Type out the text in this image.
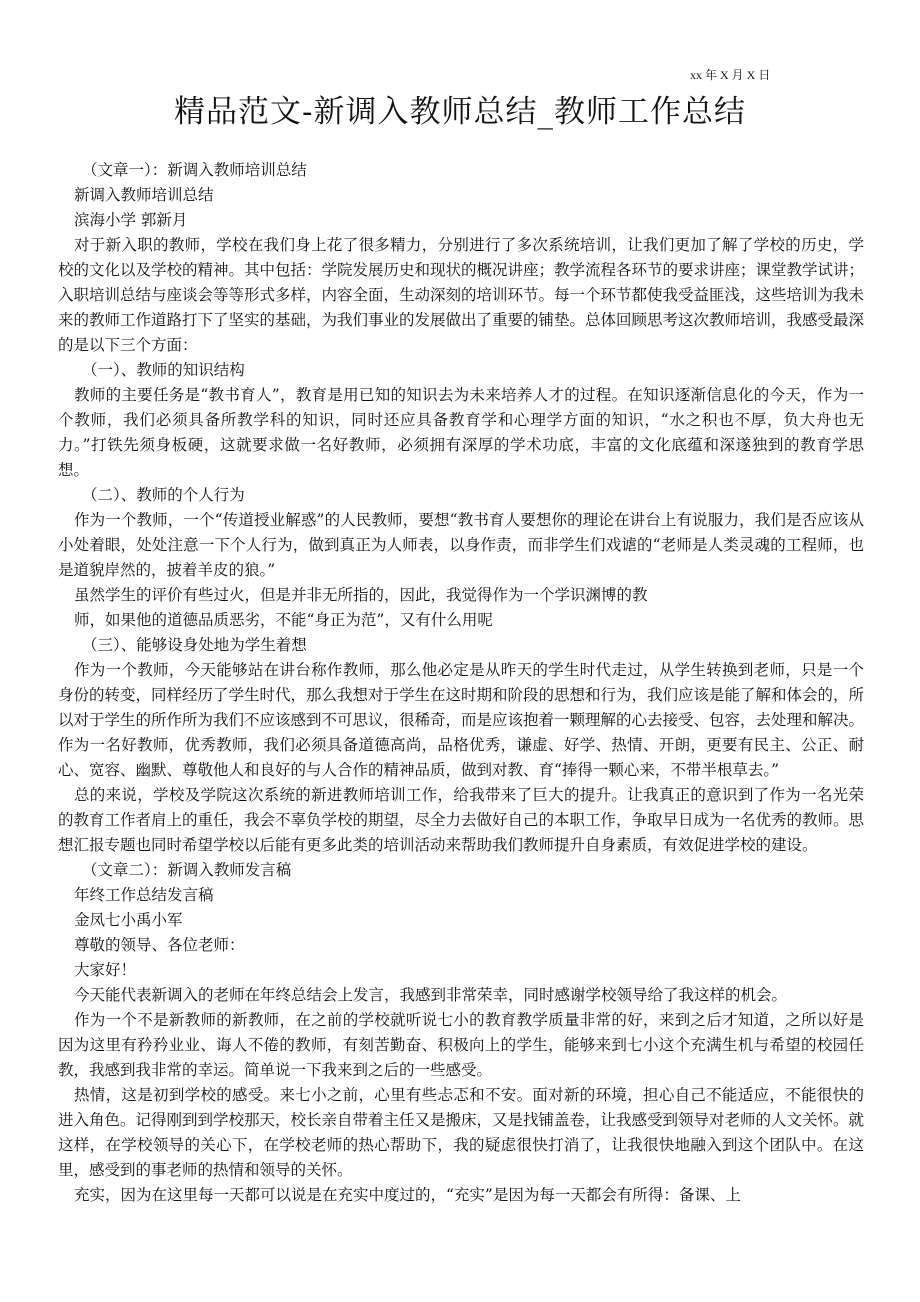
xx 年 X 月 X 日
精品范文-新调入教师总结_教师工作总结

（文章一）：新调入教师培训总结

新调入教师培训总结

滨海小学 郭新月

对于新入职的教师，学校在我们身上花了很多精力，分别进行了多次系统培训，让我们更加了解了学校的历史，学校的文化以及学校的精神。其中包括：学院发展历史和现状的概况讲座；教学流程各环节的要求讲座；课堂教学试讲；入职培训总结与座谈会等等形式多样，内容全面，生动深刻的培训环节。每一个环节都使我受益匪浅，这些培训为我未来的教师工作道路打下了坚实的基础，为我们事业的发展做出了重要的铺垫。总体回顾思考这次教师培训，我感受最深的是以下三个方面：

（一）、教师的知识结构

教师的主要任务是“教书育人”，教育是用已知的知识去为未来培养人才的过程。在知识逐渐信息化的今天，作为一个教师，我们必须具备所教学科的知识，同时还应具备教育学和心理学方面的知识，“水之积也不厚，负大舟也无力。”打铁先须身板硬，这就要求做一名好教师，必须拥有深厚的学术功底，丰富的文化底蕴和深遂独到的教育学思想。

（二）、教师的个人行为

作为一个教师，一个“传道授业解惑”的人民教师，要想“教书育人要想你的理论在讲台上有说服力，我们是否应该从小处着眼，处处注意一下个人行为，做到真正为人师表，以身作责，而非学生们戏谑的“老师是人类灵魂的工程师，也是道貌岸然的，披着羊皮的狼。”

虽然学生的评价有些过火，但是并非无所指的，因此，我觉得作为一个学识渊博的教

师，如果他的道德品质恶劣，不能“身正为范”，又有什么用呢

（三）、能够设身处地为学生着想

作为一个教师，今天能够站在讲台称作教师，那么他必定是从昨天的学生时代走过，从学生转换到老师，只是一个身份的转变，同样经历了学生时代，那么我想对于学生在这时期和阶段的思想和行为，我们应该是能了解和体会的，所以对于学生的所作所为我们不应该感到不可思议，很稀奇，而是应该抱着一颗理解的心去接受、包容，去处理和解决。作为一名好教师，优秀教师，我们必须具备道德高尚，品格优秀，谦虚、好学、热情、开朗，更要有民主、公正、耐心、宽容、幽默、尊敬他人和良好的与人合作的精神品质，做到对教、育“捧得一颗心来，不带半根草去。”

总的来说，学校及学院这次系统的新进教师培训工作，给我带来了巨大的提升。让我真正的意识到了作为一名光荣的教育工作者肩上的重任，我会不辜负学校的期望，尽全力去做好自己的本职工作，争取早日成为一名优秀的教师。思想汇报专题也同时希望学校以后能有更多此类的培训活动来帮助我们教师提升自身素质，有效促进学校的建设。

（文章二）：新调入教师发言稿

年终工作总结发言稿

金凤七小禹小军

尊敬的领导、各位老师：

大家好！

今天能代表新调入的老师在年终总结会上发言，我感到非常荣幸，同时感谢学校领导给了我这样的机会。

作为一个不是新教师的新教师，在之前的学校就听说七小的教育教学质量非常的好，来到之后才知道，之所以好是因为这里有矜矜业业、诲人不倦的教师，有刻苦勤奋、积极向上的学生，能够来到七小这个充满生机与希望的校园任教，我感到我非常的幸运。简单说一下我来到之后的一些感受。

热情，这是初到学校的感受。来七小之前，心里有些忐忑和不安。面对新的环境，担心自己不能适应，不能很快的进入角色。记得刚到到学校那天，校长亲自带着主任又是搬床，又是找铺盖卷，让我感受到领导对老师的人文关怀。就这样，在学校领导的关心下，在学校老师的热心帮助下，我的疑虑很快打消了，让我很快地融入到这个团队中。在这里，感受到的事老师的热情和领导的关怀。

充实，因为在这里每一天都可以说是在充实中度过的，“充实”是因为每一天都会有所得：备课、上
